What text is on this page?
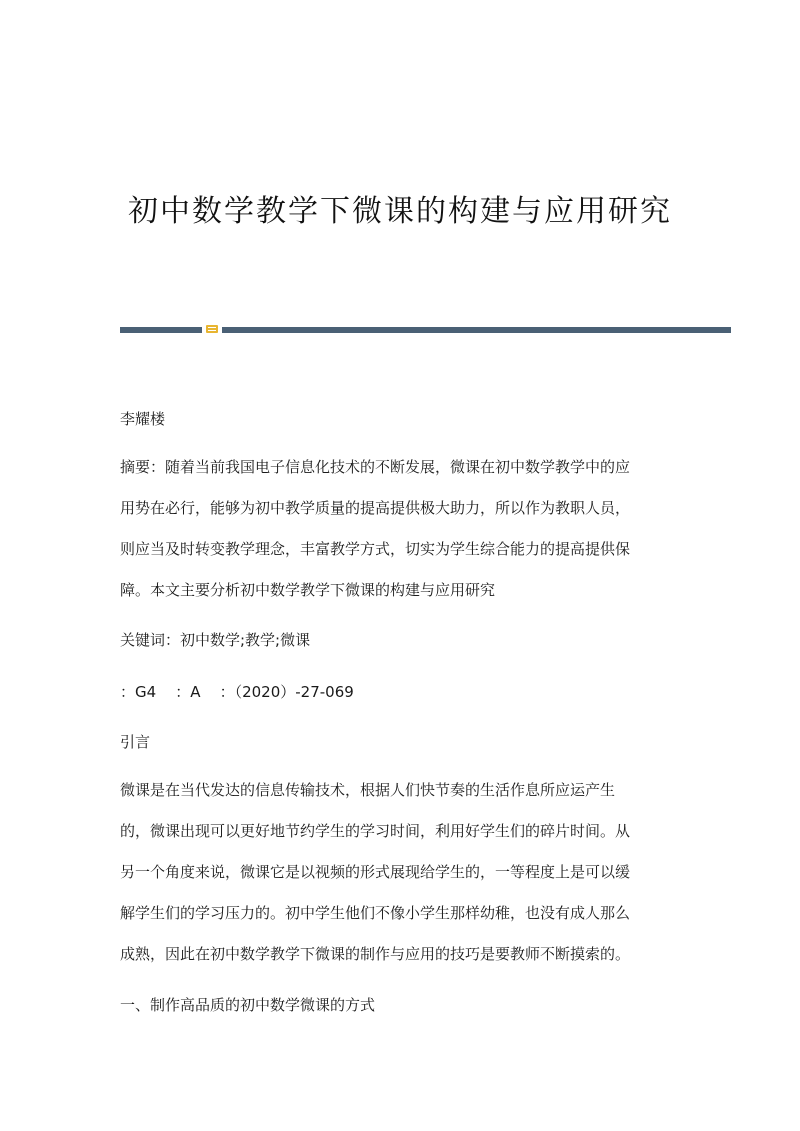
初中数学教学下微课的构建与应用研究
李耀楼
摘要：随着当前我国电子信息化技术的不断发展，微课在初中数学教学中的应
用势在必行，能够为初中教学质量的提高提供极大助力，所以作为教职人员，
则应当及时转变教学理念，丰富教学方式，切实为学生综合能力的提高提供保
障。本文主要分析初中数学教学下微课的构建与应用研究
关键词：初中数学;教学;微课
：G4    ：A    ：（2020）-27-069
引言
微课是在当代发达的信息传输技术，根据人们快节奏的生活作息所应运产生
的，微课出现可以更好地节约学生的学习时间，利用好学生们的碎片时间。从
另一个角度来说，微课它是以视频的形式展现给学生的，一等程度上是可以缓
解学生们的学习压力的。初中学生他们不像小学生那样幼稚，也没有成人那么
成熟，因此在初中数学教学下微课的制作与应用的技巧是要教师不断摸索的。
一、制作高品质的初中数学微课的方式
